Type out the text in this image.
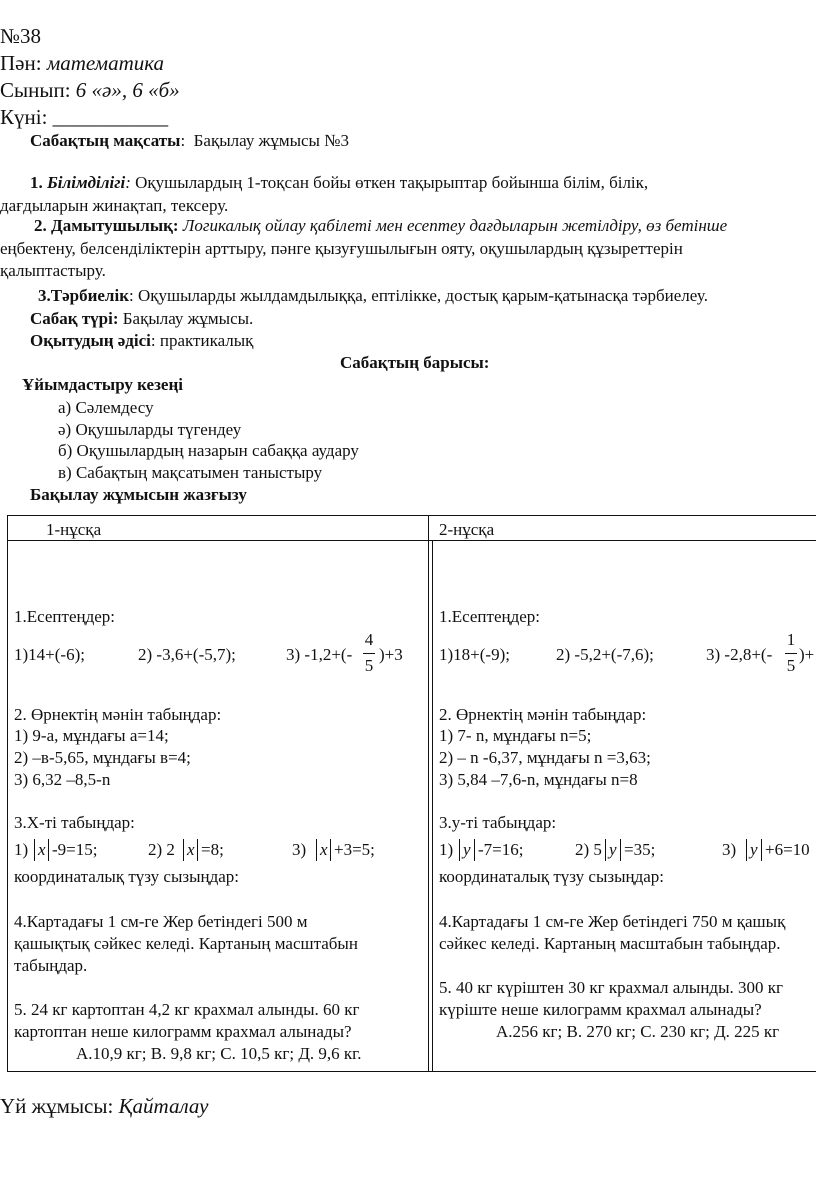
№38
Пән: математика
Сынып: 6 «ә», 6 «б»
Күні: ___________
Сабақтың мақсаты: Бақылау жұмысы №3
1. Білімділігі: Оқушылардың 1-тоқсан бойы өткен тақырыптар бойынша білім, білік,
дағдыларын жинақтап, тексеру.
2. Дамытушылық: Логикалық ойлау қабілеті мен есептеу дағдыларын жетілдіру, өз бетінше
еңбектену, белсенділіктерін арттыру, пәнге қызуғушылығын ояту, оқушылардың құзыреттерін
қалыптастыру.
3.Тәрбиелік: Оқушыларды жылдамдылыққа, ептілікке, достық қарым-қатынасқа тәрбиелеу.
Сабақ түрі: Бақылау жұмысы.
Оқытудың әдісі: практикалық
Сабақтың барысы:
Ұйымдастыру кезеңі
а) Сәлемдесу
ә) Оқушыларды түгендеу
б) Оқушылардың назарын сабаққа аудару
в) Сабақтың мақсатымен таныстыру
Бақылау жұмысын жазғызу
1-нұсқа
1.Есептеңдер:
1)14+(-6);	2) -3,6+(-5,7);	3) -1,2+(-
4
5
)+3
2. Өрнектің мәнін табыңдар:
1) 9-а, мұндағы а=14;
2) –в-5,65, мұндағы в=4;
3) 6,32 –8,5-n
3.Х-ті табыңдар:
1) x -9=15;	2) 2 x =8;	3) x +3=5;
координаталық түзу сызыңдар:
4.Картадағы 1 см-ге Жер бетіндегі 500 м
қашықтық сәйкес келеді. Картаның масштабын
табыңдар.
5. 24 кг картоптан 4,2 кг крахмал алынды. 60 кг
картоптан неше килограмм крахмал алынады?
А.10,9 кг; В. 9,8 кг; С. 10,5 кг; Д. 9,6 кг.
2-нұсқа
1.Есептеңдер:
1)18+(-9);	2) -5,2+(-7,6);	3) -2,8+(-
1
5
)+
2. Өрнектің мәнін табыңдар:
1) 7- n, мұндағы n=5;
2) – n -6,37, мұндағы n =3,63;
3) 5,84 –7,6-n, мұндағы n=8
3.у-ті табыңдар:
1) y -7=16;	2) 5 y =35;	3) y +6=10
координаталық түзу сызыңдар:
4.Картадағы 1 см-ге Жер бетіндегі 750 м қашық
сәйкес келеді. Картаның масштабын табыңдар.
5. 40 кг күріштен 30 кг крахмал алынды. 300 кг
күріште неше килограмм крахмал алынады?
А.256 кг; В. 270 кг; С. 230 кг; Д. 225 кг
Үй жұмысы: Қайталау
